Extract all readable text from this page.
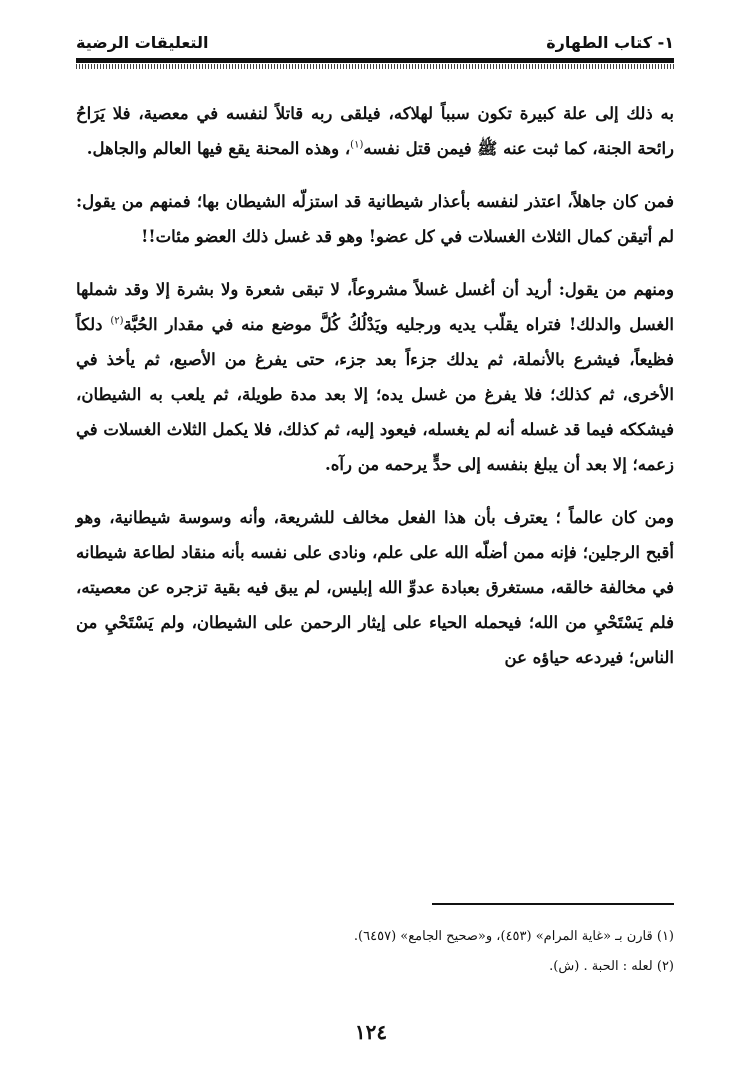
١- كتاب الطهارة
التعليقات الرضية

به ذلك إلى علة كبيرة تكون سبباً لهلاكه، فيلقى ربه قاتلاً لنفسه في معصية، فلا يَرَاحُ رائحة الجنة، كما ثبت عنه ﷺ فيمن قتل نفسه$^{(١)}$، وهذه المحنة يقع فيها العالم والجاهل.

فمن كان جاهلاً، اعتذر لنفسه بأعذار شيطانية قد استزلّه الشيطان بها؛ فمنهم من يقول: لم أتيقن كمال الثلاث الغسلات في كل عضو! وهو قد غسل ذلك العضو مئات!!

ومنهم من يقول: أريد أن أغسل غسلاً مشروعاً، لا تبقى شعرة ولا بشرة إلا وقد شملها الغسل والدلك! فتراه يقلّب يديه ورجليه ويَدْلُكُ كُلَّ موضع منه في مقدار الحُبَّة$^{(٢)}$ دلكاً فظيعاً، فيشرع بالأنملة، ثم يدلك جزءاً بعد جزء، حتى يفرغ من الأصبع، ثم يأخذ في الأخرى، ثم كذلك؛ فلا يفرغ من غسل يده؛ إلا بعد مدة طويلة، ثم يلعب به الشيطان، فيشككه فيما قد غسله أنه لم يغسله، فيعود إليه، ثم كذلك، فلا يكمل الثلاث الغسلات في زعمه؛ إلا بعد أن يبلغ بنفسه إلى حدٍّ يرحمه من رآه.

ومن كان عالماً ؛ يعترف بأن هذا الفعل مخالف للشريعة، وأنه وسوسة شيطانية، وهو أقبح الرجلين؛ فإنه ممن أضلّه الله على علم، ونادى على نفسه بأنه منقاد لطاعة شيطانه في مخالفة خالقه، مستغرق بعبادة عدوِّ الله إبليس، لم يبق فيه بقية تزجره عن معصيته، فلم يَسْتَحْيِ من الله؛ فيحمله الحياء على إيثار الرحمن على الشيطان، ولم يَسْتَحْيِ من الناس؛ فيردعه حياؤه عن

(١) قارن بـ «غاية المرام» (٤٥٣)، و«صحيح الجامع» (٦٤٥٧).
(٢) لعله : الحبة . (ش).
١٢٤
